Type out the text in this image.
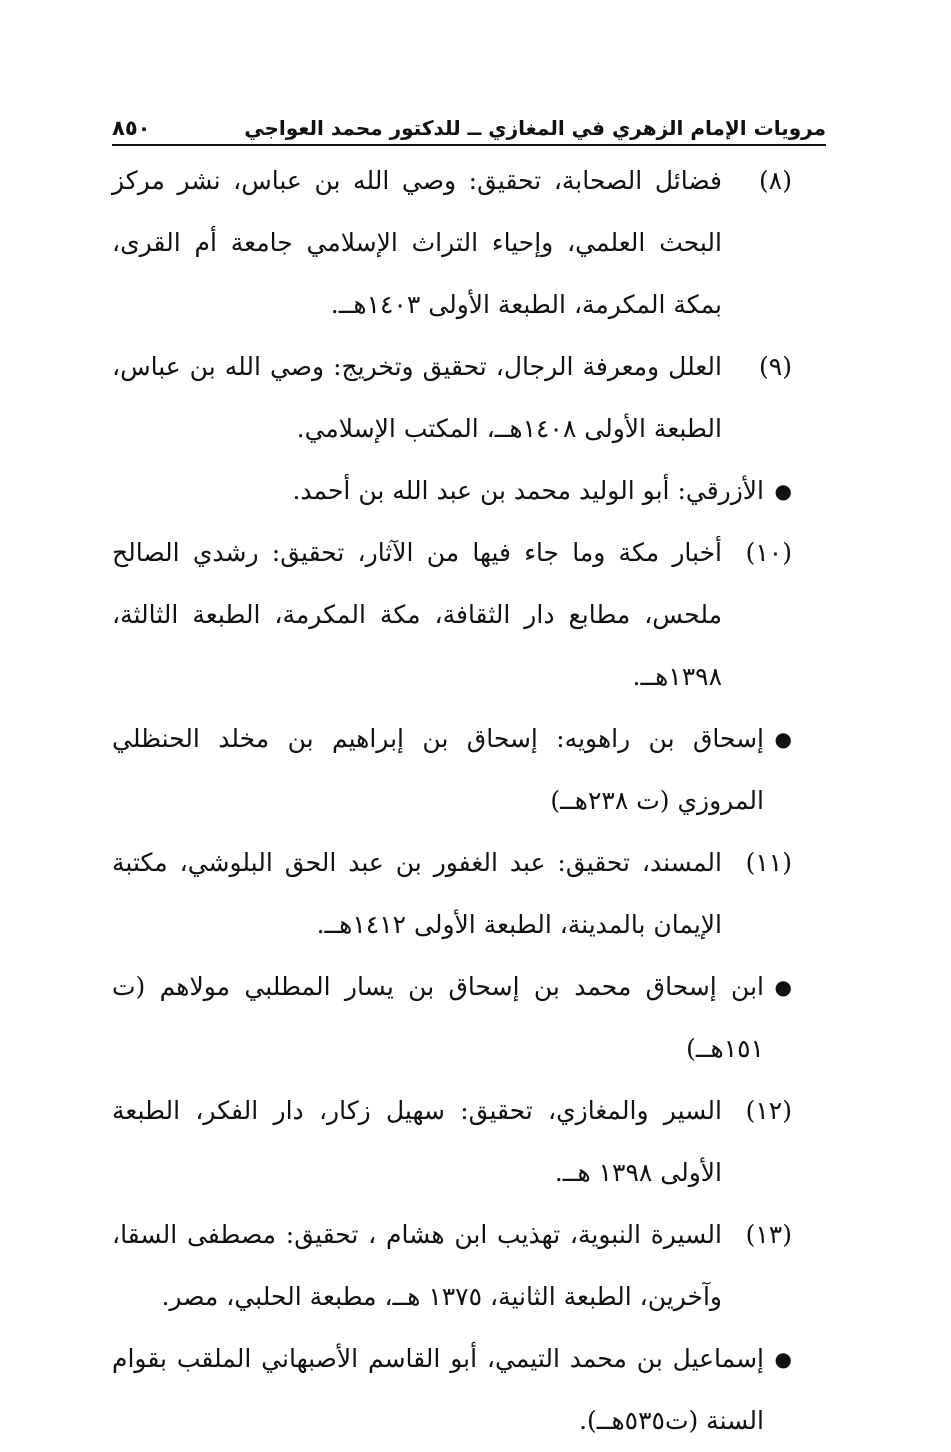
مرويات الإمام الزهري في المغازي ــ للدكتور محمد العواجي
٨٥٠
(٨)
فضائل الصحابة، تحقيق: وصي الله بن عباس، نشر مركز البحث العلمي، وإحياء التراث الإسلامي جامعة أم القرى، بمكة المكرمة، الطبعة الأولى ١٤٠٣هــ.
(٩)
العلل ومعرفة الرجال، تحقيق وتخريج: وصي الله بن عباس، الطبعة الأولى ١٤٠٨هــ، المكتب الإسلامي.
●
الأزرقي: أبو الوليد محمد بن عبد الله بن أحمد.
(١٠)
أخبار مكة وما جاء فيها من الآثار، تحقيق: رشدي الصالح ملحس، مطابع دار الثقافة، مكة المكرمة، الطبعة الثالثة، ١٣٩٨هــ.
●
إسحاق بن راهويه: إسحاق بن إبراهيم بن مخلد الحنظلي المروزي (ت ٢٣٨هــ)
(١١)
المسند، تحقيق: عبد الغفور بن عبد الحق البلوشي، مكتبة الإيمان بالمدينة، الطبعة الأولى ١٤١٢هــ.
●
ابن إسحاق محمد بن إسحاق بن يسار المطلبي مولاهم (ت ١٥١هــ)
(١٢)
السير والمغازي، تحقيق: سهيل زكار، دار الفكر، الطبعة الأولى ١٣٩٨ هــ.
(١٣)
السيرة النبوية، تهذيب ابن هشام ، تحقيق: مصطفى السقا، وآخرين، الطبعة الثانية، ١٣٧٥ هــ، مطبعة الحلبي، مصر.
●
إسماعيل بن محمد التيمي، أبو القاسم الأصبهاني الملقب بقوام السنة (ت٥٣٥هــ).
